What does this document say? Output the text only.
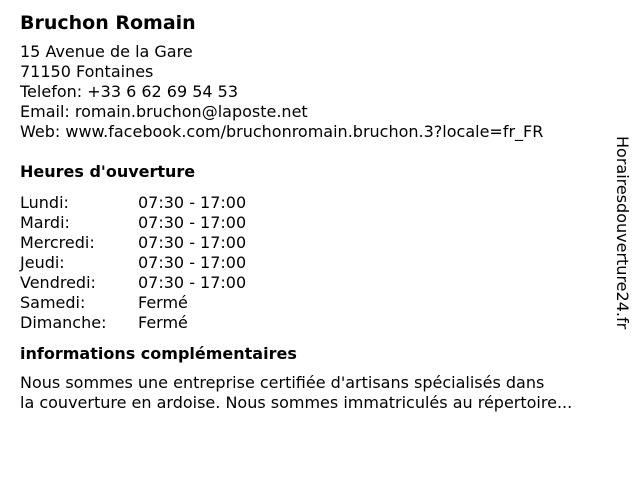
Bruchon Romain
15 Avenue de la Gare
71150 Fontaines
Telefon: +33 6 62 69 54 53
Email: romain.bruchon@laposte.net
Web: www.facebook.com/bruchonromain.bruchon.3?locale=fr_FR
Heures d'ouverture
Lundi:	07:30 - 17:00
Mardi:	07:30 - 17:00
Mercredi:	07:30 - 17:00
Jeudi:	07:30 - 17:00
Vendredi:	07:30 - 17:00
Samedi:	Fermé
Dimanche:	Fermé
informations complémentaires
Nous sommes une entreprise certifiée d'artisans spécialisés dans
la couverture en ardoise. Nous sommes immatriculés au répertoire...
Horairesdouverture24.fr
